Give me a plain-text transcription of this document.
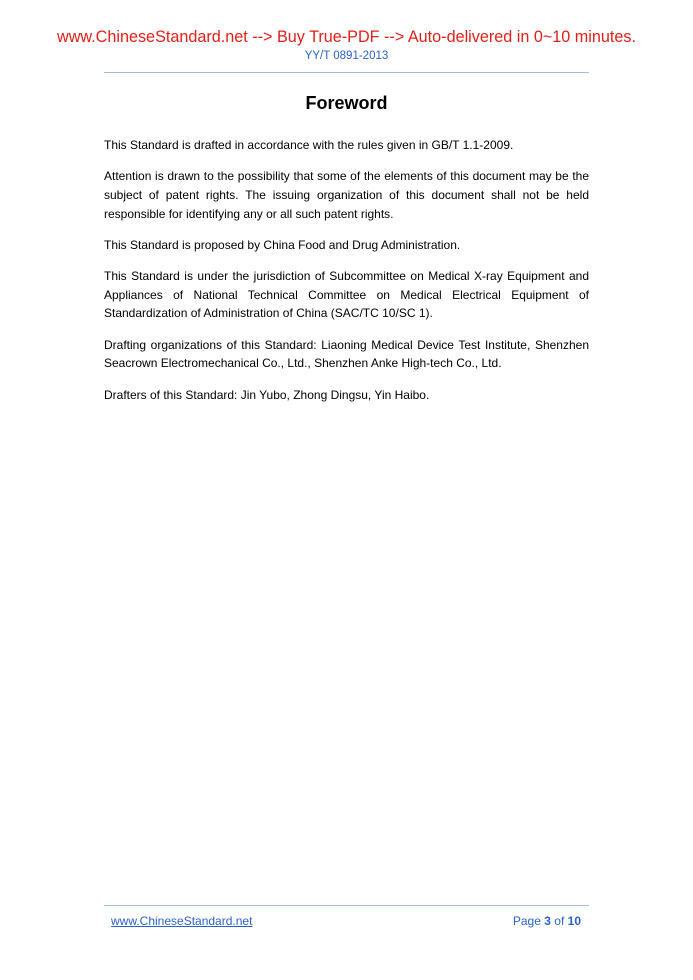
www.ChineseStandard.net --> Buy True-PDF --> Auto-delivered in 0~10 minutes.
YY/T 0891-2013
Foreword

This Standard is drafted in accordance with the rules given in GB/T 1.1-2009.

Attention is drawn to the possibility that some of the elements of this document may be the subject of patent rights. The issuing organization of this document shall not be held responsible for identifying any or all such patent rights.

This Standard is proposed by China Food and Drug Administration.

This Standard is under the jurisdiction of Subcommittee on Medical X-ray Equipment and Appliances of National Technical Committee on Medical Electrical Equipment of Standardization of Administration of China (SAC/TC 10/SC 1).

Drafting organizations of this Standard: Liaoning Medical Device Test Institute, Shenzhen Seacrown Electromechanical Co., Ltd., Shenzhen Anke High-tech Co., Ltd.

Drafters of this Standard: Jin Yubo, Zhong Dingsu, Yin Haibo.

www.ChineseStandard.net	Page 3 of 10
